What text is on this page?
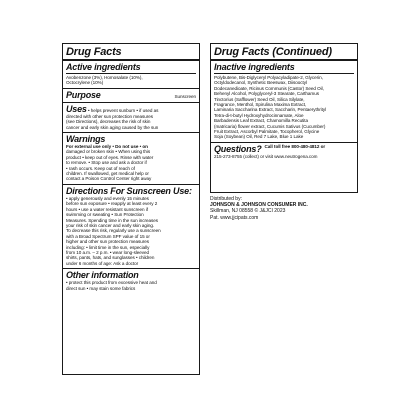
Drug Facts
Active ingredients
Avobenzone (3%), Homosalate (10%),
Octocrylene (10%)
Purpose	Sunscreen
Uses • helps prevent sunburn • if used as
directed with other sun protection measures
(see Directions), decreases the risk of skin
cancer and early skin aging caused by the sun
Warnings
For external use only • Do not use • on
damaged or broken skin • When using this
product • keep out of eyes. Rinse with water
to remove. • Stop use and ask a doctor if
• rash occurs. Keep out of reach of
children. If swallowed, get medical help or
contact a Poison Control Center right away
Directions For Sunscreen Use:
• apply generously and evenly 15 minutes
before sun exposure • reapply at least every 2
hours • use a water resistant sunscreen if
swimming or sweating • Sun Protection
Measures. Spending time in the sun increases
your risk of skin cancer and early skin aging.
To decrease this risk, regularly use a sunscreen
with a Broad Spectrum SPF value of 15 or
higher and other sun protection measures
including: • limit time in the sun, especially
from 10 a.m. – 2 p.m. • wear long-sleeved
shirts, pants, hats, and sunglasses • children
under 6 months of age: Ask a doctor
Other information
• protect this product from excessive heat and
direct sun • may stain some fabrics
Drug Facts (Continued)
Inactive ingredients
Polybutene, Bis-Diglyceryl Polyacyladipate-2, Glycerin,
Octyldodecanol, Synthetic Beeswax, Diisooctyl
Dodecanedioate, Ricinus Communis (Castor) Seed Oil,
Behenyl Alcohol, Polyglyceryl-3 Stearate, Carthamus
Tinctorius (Safflower) Seed Oil, Silica Silylate,
Fragrance, Menthol, Spirulina Maxima Extract,
Laminaria Saccharina Extract, Saccharin, Pentaerythrityl
Tetra-di-t-butyl Hydroxyhydrocinnamate, Aloe
Barbadensis Leaf Extract, Chamomilla Recutita
(matricaria) flower extract, Cucumis Sativus (Cucumber)
Fruit Extract, Ascorbyl Palmitate, Tocopherol, Glycine
Soja (Soybean) Oil, Red 7 Lake, Blue 1 Lake
Questions? Call toll free 800-480-4812 or
215-273-8755 (collect) or visit www.neutrogena.com
Distributed by:
JOHNSON & JOHNSON CONSUMER INC.
Skillman, NJ 08558 © J&JCI 2023
Pat. www.jjcipats.com
